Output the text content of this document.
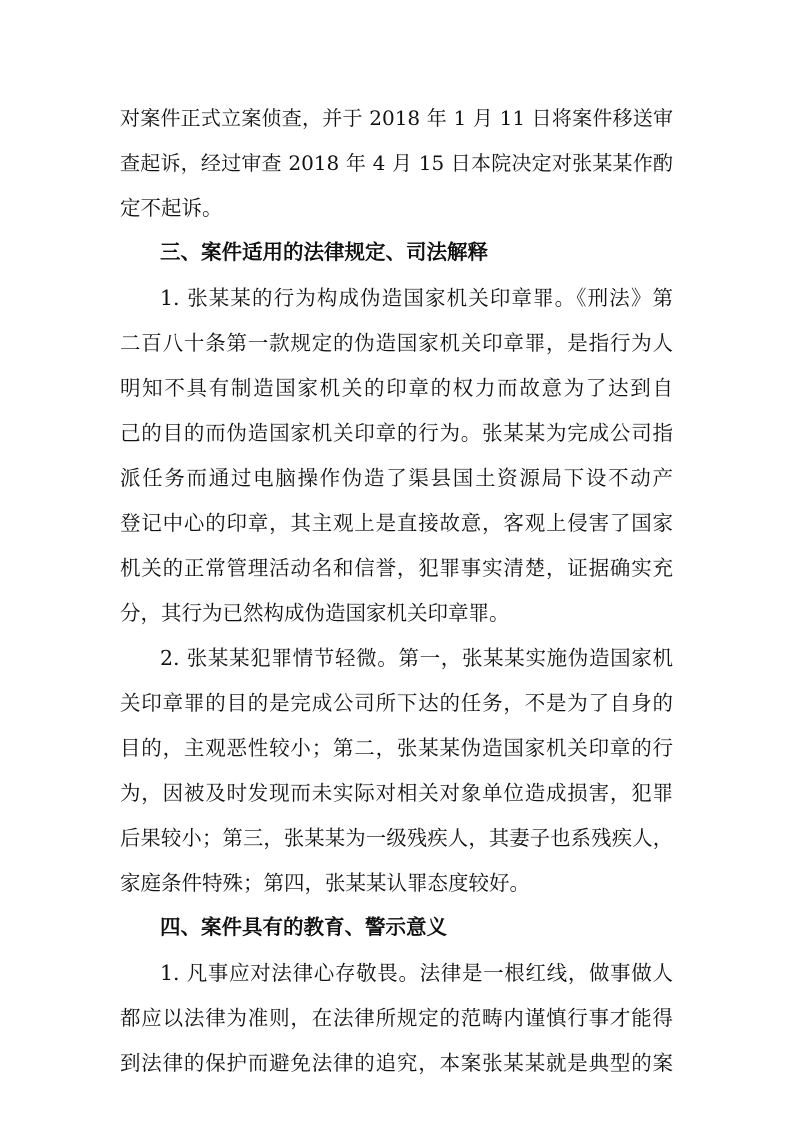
对案件正式立案侦查，并于 2018 年 1 月 11 日将案件移送审
查起诉，经过审查 2018 年 4 月 15 日本院决定对张某某作酌
定不起诉。
三、案件适用的法律规定、司法解释
1. 张某某的行为构成伪造国家机关印章罪。《刑法》第
二百八十条第一款规定的伪造国家机关印章罪，是指行为人
明知不具有制造国家机关的印章的权力而故意为了达到自
己的目的而伪造国家机关印章的行为。张某某为完成公司指
派任务而通过电脑操作伪造了渠县国土资源局下设不动产
登记中心的印章，其主观上是直接故意，客观上侵害了国家
机关的正常管理活动名和信誉，犯罪事实清楚，证据确实充
分，其行为已然构成伪造国家机关印章罪。
2. 张某某犯罪情节轻微。第一，张某某实施伪造国家机
关印章罪的目的是完成公司所下达的任务，不是为了自身的
目的，主观恶性较小；第二，张某某伪造国家机关印章的行
为，因被及时发现而未实际对相关对象单位造成损害，犯罪
后果较小；第三，张某某为一级残疾人，其妻子也系残疾人，
家庭条件特殊；第四，张某某认罪态度较好。
四、案件具有的教育、警示意义
1. 凡事应对法律心存敬畏。法律是一根红线，做事做人
都应以法律为准则，在法律所规定的范畴内谨慎行事才能得
到法律的保护而避免法律的追究，本案张某某就是典型的案
